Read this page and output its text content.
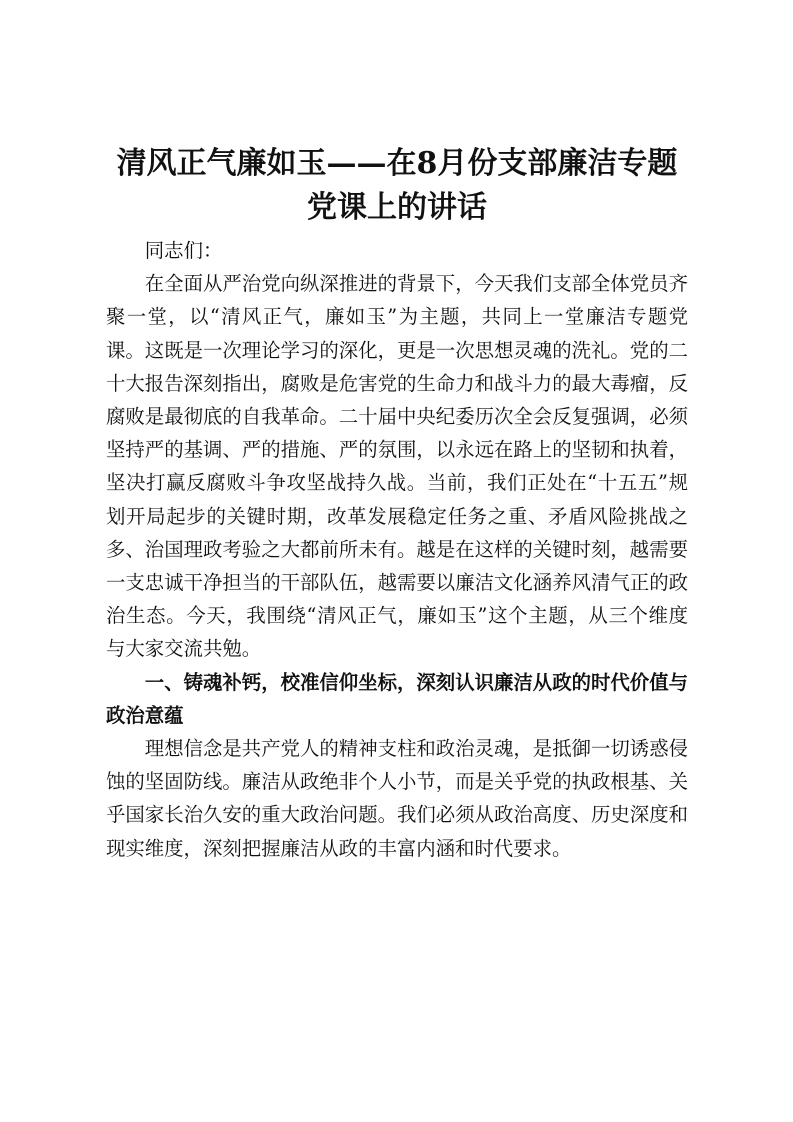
清风正气廉如玉——在8月份支部廉洁专题党课上的讲话

同志们：

在全面从严治党向纵深推进的背景下，今天我们支部全体党员齐聚一堂，以“清风正气，廉如玉”为主题，共同上一堂廉洁专题党课。这既是一次理论学习的深化，更是一次思想灵魂的洗礼。党的二十大报告深刻指出，腐败是危害党的生命力和战斗力的最大毒瘤，反腐败是最彻底的自我革命。二十届中央纪委历次全会反复强调，必须坚持严的基调、严的措施、严的氛围，以永远在路上的坚韧和执着，坚决打赢反腐败斗争攻坚战持久战。当前，我们正处在“十五五”规划开局起步的关键时期，改革发展稳定任务之重、矛盾风险挑战之多、治国理政考验之大都前所未有。越是在这样的关键时刻，越需要一支忠诚干净担当的干部队伍，越需要以廉洁文化涵养风清气正的政治生态。今天，我围绕“清风正气，廉如玉”这个主题，从三个维度与大家交流共勉。

一、铸魂补钙，校准信仰坐标，深刻认识廉洁从政的时代价值与政治意蕴

理想信念是共产党人的精神支柱和政治灵魂，是抵御一切诱惑侵蚀的坚固防线。廉洁从政绝非个人小节，而是关乎党的执政根基、关乎国家长治久安的重大政治问题。我们必须从政治高度、历史深度和现实维度，深刻把握廉洁从政的丰富内涵和时代要求。
